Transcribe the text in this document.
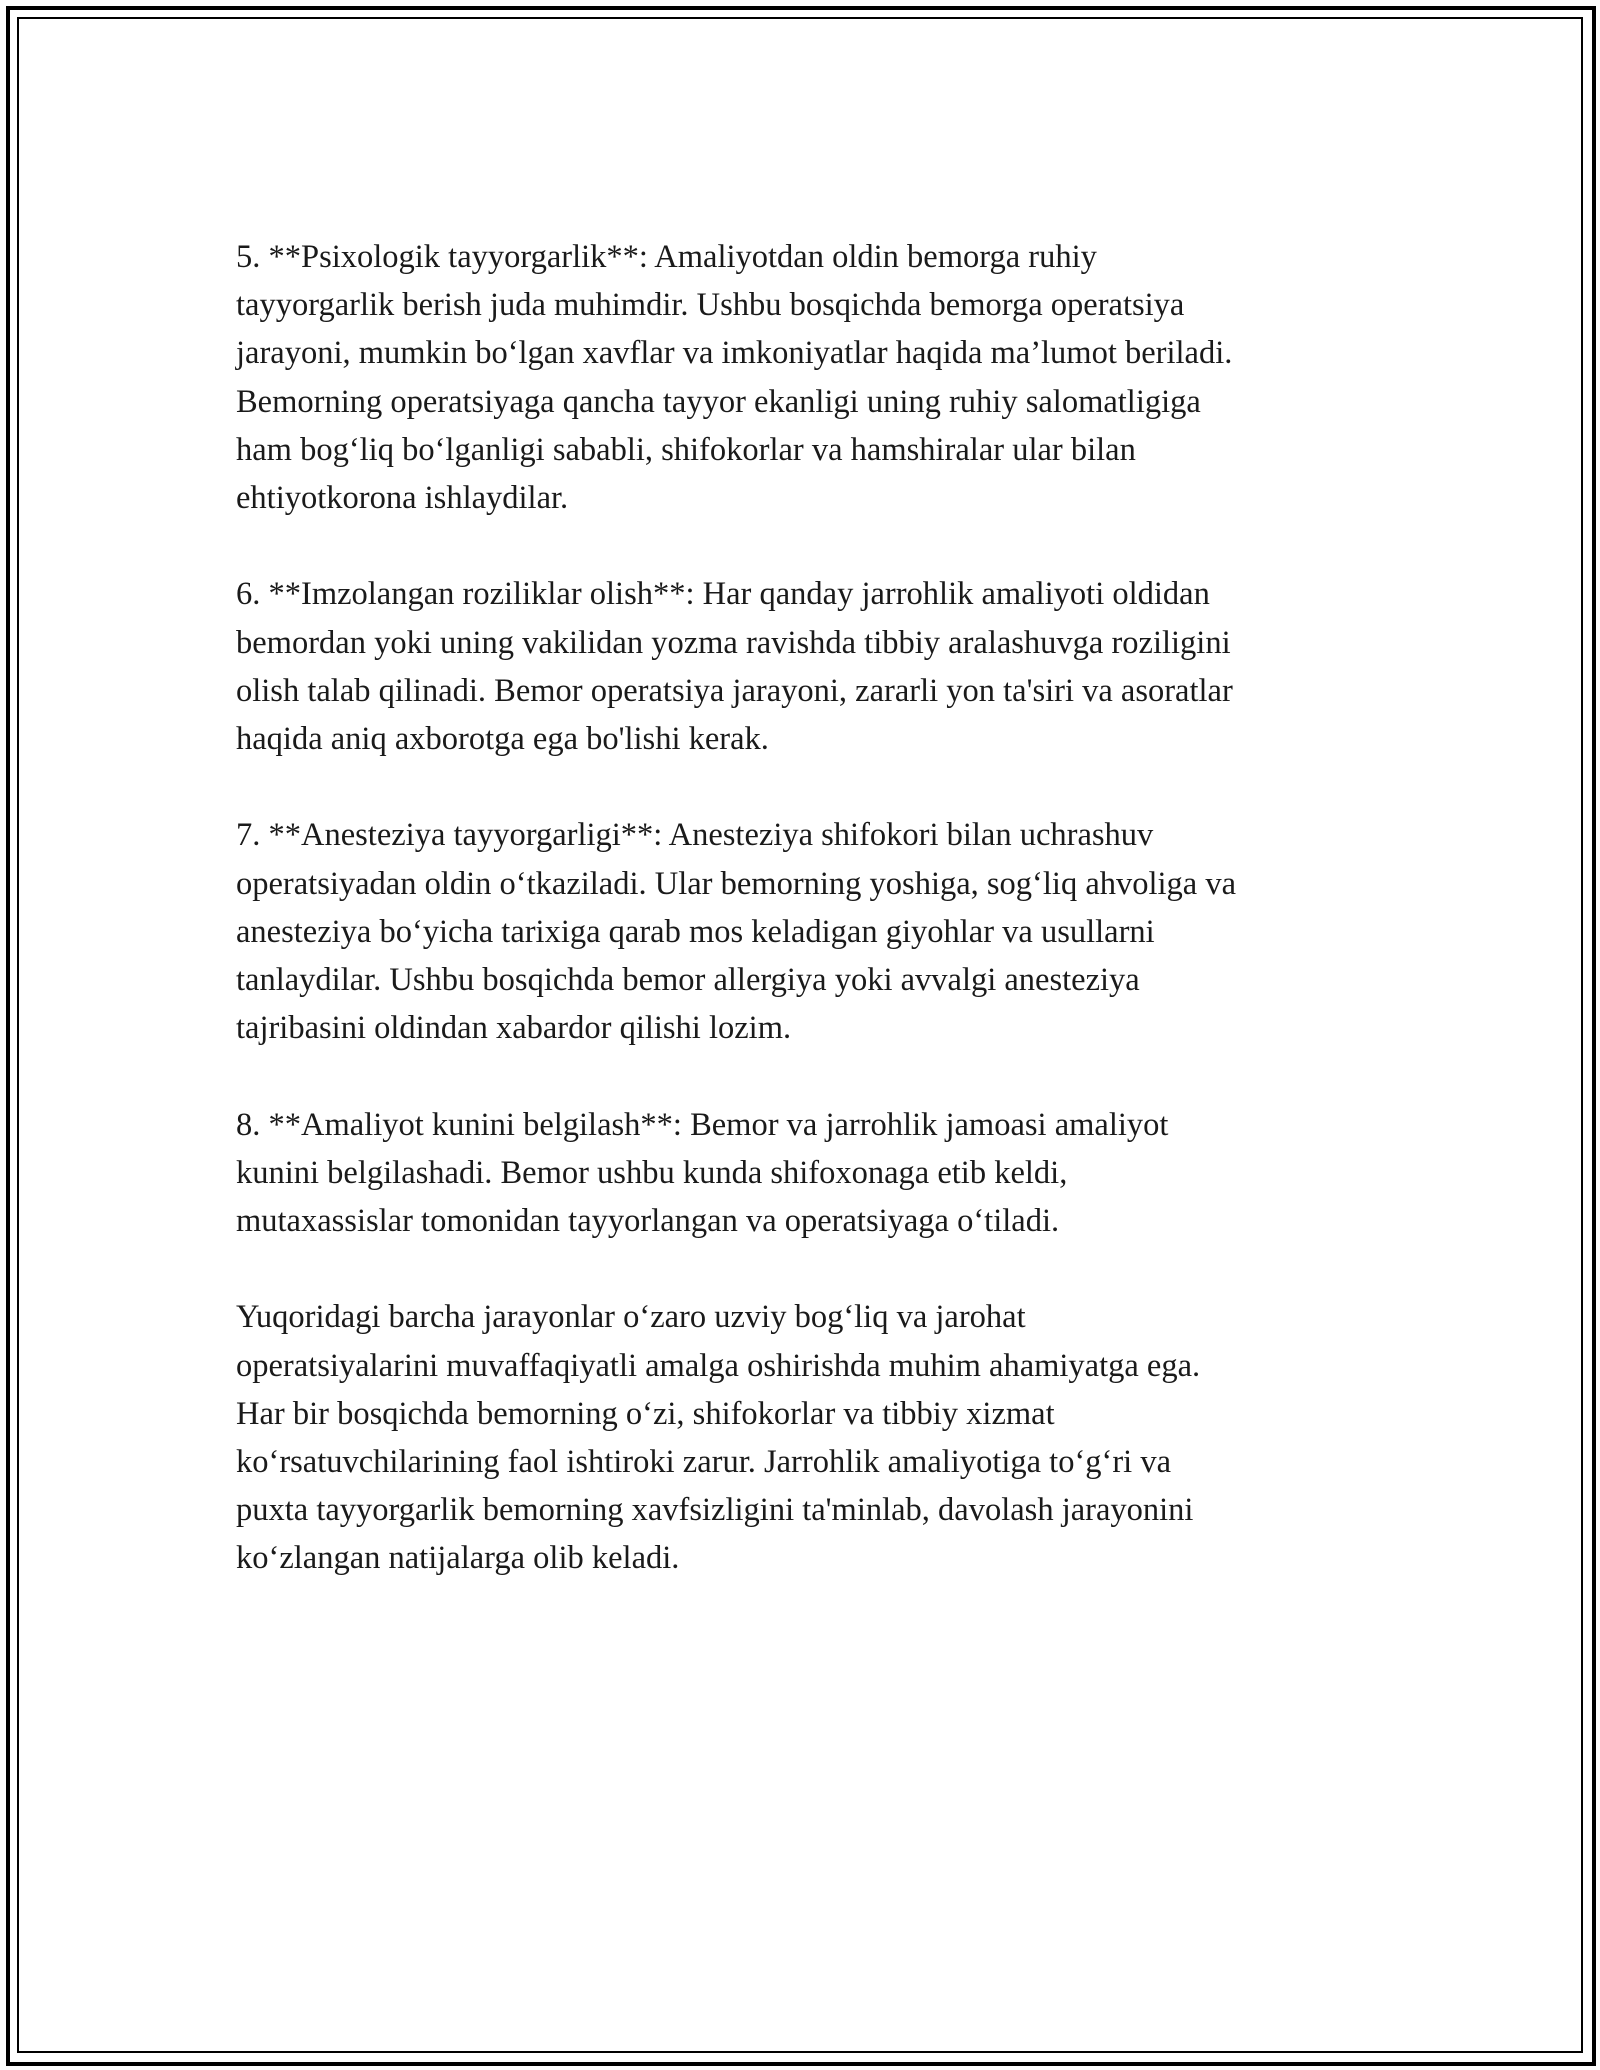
5. **Psixologik tayyorgarlik**: Amaliyotdan oldin bemorga ruhiy
tayyorgarlik berish juda muhimdir. Ushbu bosqichda bemorga operatsiya
jarayoni, mumkin bo‘lgan xavflar va imkoniyatlar haqida ma’lumot beriladi.
Bemorning operatsiyaga qancha tayyor ekanligi uning ruhiy salomatligiga
ham bog‘liq bo‘lganligi sababli, shifokorlar va hamshiralar ular bilan
ehtiyotkorona ishlaydilar.

6. **Imzolangan roziliklar olish**: Har qanday jarrohlik amaliyoti oldidan
bemordan yoki uning vakilidan yozma ravishda tibbiy aralashuvga roziligini
olish talab qilinadi. Bemor operatsiya jarayoni, zararli yon ta'siri va asoratlar
haqida aniq axborotga ega bo'lishi kerak.

7. **Anesteziya tayyorgarligi**: Anesteziya shifokori bilan uchrashuv
operatsiyadan oldin o‘tkaziladi. Ular bemorning yoshiga, sog‘liq ahvoliga va
anesteziya bo‘yicha tarixiga qarab mos keladigan giyohlar va usullarni
tanlaydilar. Ushbu bosqichda bemor allergiya yoki avvalgi anesteziya
tajribasini oldindan xabardor qilishi lozim.

8. **Amaliyot kunini belgilash**: Bemor va jarrohlik jamoasi amaliyot
kunini belgilashadi. Bemor ushbu kunda shifoxonaga etib keldi,
mutaxassislar tomonidan tayyorlangan va operatsiyaga o‘tiladi.

Yuqoridagi barcha jarayonlar o‘zaro uzviy bog‘liq va jarohat
operatsiyalarini muvaffaqiyatli amalga oshirishda muhim ahamiyatga ega.
Har bir bosqichda bemorning o‘zi, shifokorlar va tibbiy xizmat
ko‘rsatuvchilarining faol ishtiroki zarur. Jarrohlik amaliyotiga to‘g‘ri va
puxta tayyorgarlik bemorning xavfsizligini ta'minlab, davolash jarayonini
ko‘zlangan natijalarga olib keladi.
